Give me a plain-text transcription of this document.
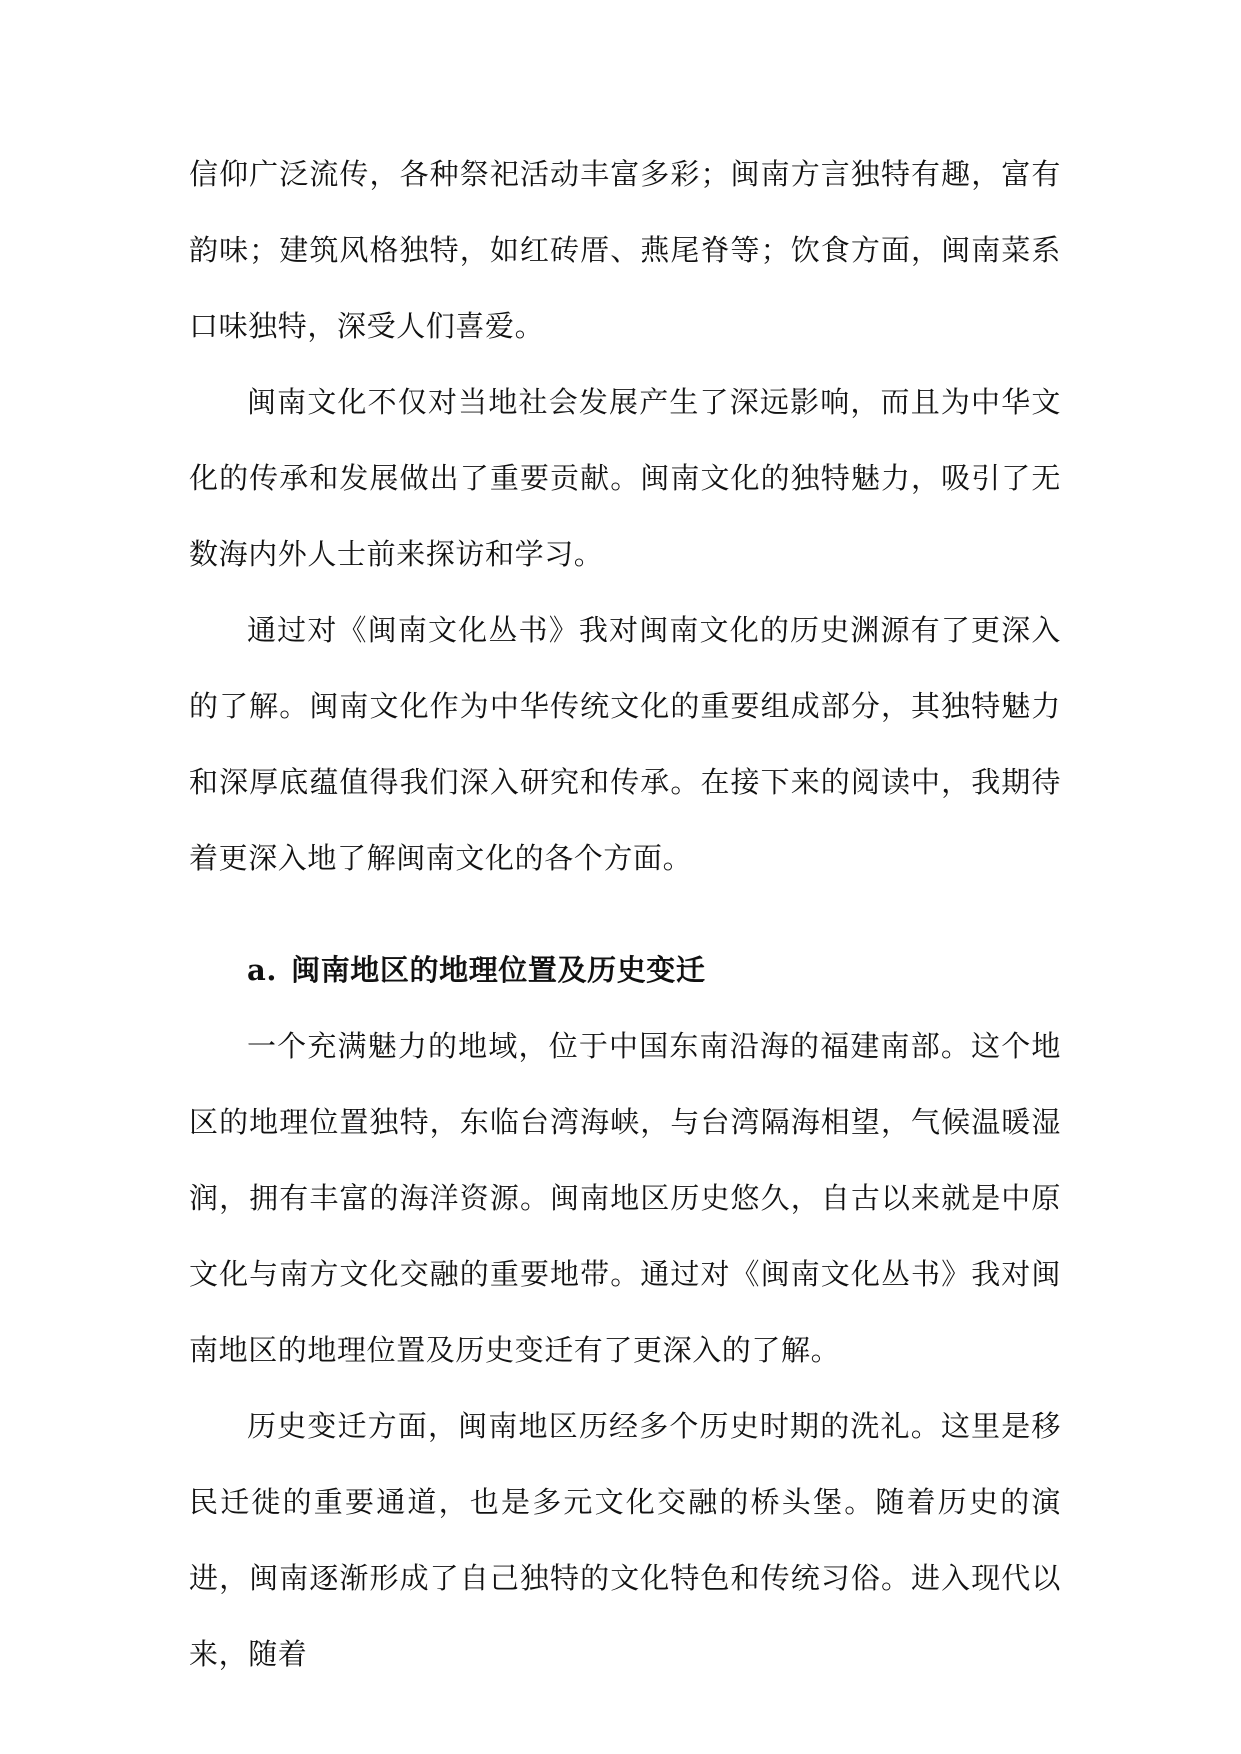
信仰广泛流传，各种祭祀活动丰富多彩；闽南方言独特有趣，富有韵味；建筑风格独特，如红砖厝、燕尾脊等；饮食方面，闽南菜系口味独特，深受人们喜爱。

闽南文化不仅对当地社会发展产生了深远影响，而且为中华文化的传承和发展做出了重要贡献。闽南文化的独特魅力，吸引了无数海内外人士前来探访和学习。

通过对《闽南文化丛书》我对闽南文化的历史渊源有了更深入的了解。闽南文化作为中华传统文化的重要组成部分，其独特魅力和深厚底蕴值得我们深入研究和传承。在接下来的阅读中，我期待着更深入地了解闽南文化的各个方面。

a. 闽南地区的地理位置及历史变迁

一个充满魅力的地域，位于中国东南沿海的福建南部。这个地区的地理位置独特，东临台湾海峡，与台湾隔海相望，气候温暖湿润，拥有丰富的海洋资源。闽南地区历史悠久，自古以来就是中原文化与南方文化交融的重要地带。通过对《闽南文化丛书》我对闽南地区的地理位置及历史变迁有了更深入的了解。

历史变迁方面，闽南地区历经多个历史时期的洗礼。这里是移民迁徙的重要通道，也是多元文化交融的桥头堡。随着历史的演进，闽南逐渐形成了自己独特的文化特色和传统习俗。进入现代以来，随着
